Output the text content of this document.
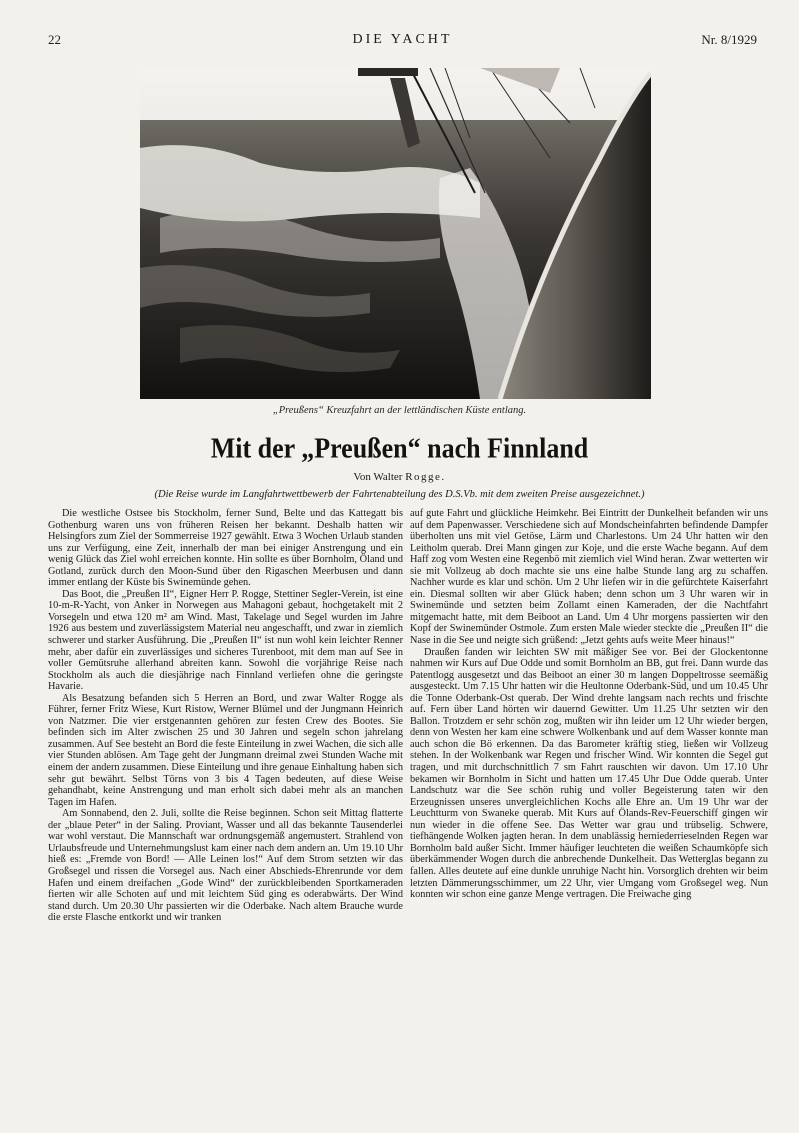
22	DIE YACHT	Nr. 8/1929
„Preußens“ Kreuzfahrt an der lettländischen Küste entlang.
Mit der „Preußen“ nach Finnland
Von Walter Rogge.
(Die Reise wurde im Langfahrtwettbewerb der Fahrtenabteilung des D.S.Vb. mit dem zweiten Preise ausgezeichnet.)

Die westliche Ostsee bis Stockholm, ferner Sund, Belte und das Kattegatt bis Gothenburg waren uns von früheren Reisen her bekannt. Deshalb hatten wir Helsingfors zum Ziel der Sommerreise 1927 gewählt. Etwa 3 Wochen Urlaub standen uns zur Verfügung, eine Zeit, innerhalb der man bei einiger Anstrengung und ein wenig Glück das Ziel wohl erreichen konnte. Hin sollte es über Bornholm, Öland und Gotland, zurück durch den Moon-Sund über den Rigaschen Meerbusen und dann immer entlang der Küste bis Swinemünde gehen.

Das Boot, die „Preußen II“, Eigner Herr P. Rogge, Stettiner Segler-Verein, ist eine 10-m-R-Yacht, von Anker in Norwegen aus Mahagoni gebaut, hochgetakelt mit 2 Vorsegeln und etwa 120 m² am Wind. Mast, Takelage und Segel wurden im Jahre 1926 aus bestem und zuverlässigstem Material neu angeschafft, und zwar in ziemlich schwerer und starker Ausführung. Die „Preußen II“ ist nun wohl kein leichter Renner mehr, aber dafür ein zuverlässiges und sicheres Turenboot, mit dem man auf See in voller Gemütsruhe allerhand abreiten kann. Sowohl die vorjährige Reise nach Stockholm als auch die diesjährige nach Finnland verliefen ohne die geringste Havarie.

Als Besatzung befanden sich 5 Herren an Bord, und zwar Walter Rogge als Führer, ferner Fritz Wiese, Kurt Ristow, Werner Blümel und der Jungmann Heinrich von Natzmer. Die vier erstgenannten gehören zur festen Crew des Bootes. Sie befinden sich im Alter zwischen 25 und 30 Jahren und segeln schon jahrelang zusammen. Auf See besteht an Bord die feste Einteilung in zwei Wachen, die sich alle vier Stunden ablösen. Am Tage geht der Jungmann dreimal zwei Stunden Wache mit einem der andern zusammen. Diese Einteilung und ihre genaue Einhaltung haben sich sehr gut bewährt. Selbst Törns von 3 bis 4 Tagen bedeuten, auf diese Weise gehandhabt, keine Anstrengung und man erholt sich dabei mehr als an manchen Tagen im Hafen.

Am Sonnabend, den 2. Juli, sollte die Reise beginnen. Schon seit Mittag flatterte der „blaue Peter“ in der Saling. Proviant, Wasser und all das bekannte Tausenderlei war wohl verstaut. Die Mannschaft war ordnungsgemäß angemustert. Strahlend von Urlaubsfreude und Unternehmungslust kam einer nach dem andern an. Um 19.10 Uhr hieß es: „Fremde von Bord! — Alle Leinen los!“ Auf dem Strom setzten wir das Großsegel und rissen die Vorsegel aus. Nach einer Abschieds-Ehrenrunde vor dem Hafen und einem dreifachen „Gode Wind“ der zurückbleibenden Sportkameraden fierten wir alle Schoten auf und mit leichtem Süd ging es oderabwärts. Der Wind stand durch. Um 20.30 Uhr passierten wir die Oderbake. Nach altem Brauche wurde die erste Flasche entkorkt und wir tranken

auf gute Fahrt und glückliche Heimkehr. Bei Eintritt der Dunkelheit befanden wir uns auf dem Papenwasser. Verschiedene sich auf Mondscheinfahrten befindende Dampfer überholten uns mit viel Getöse, Lärm und Charlestons. Um 24 Uhr hatten wir den Leitholm querab. Drei Mann gingen zur Koje, und die erste Wache begann. Auf dem Haff zog vom Westen eine Regenbö mit ziemlich viel Wind heran. Zwar wetterten wir sie mit Vollzeug ab doch machte sie uns eine halbe Stunde lang arg zu schaffen. Nachher wurde es klar und schön. Um 2 Uhr liefen wir in die gefürchtete Kaiserfahrt ein. Diesmal sollten wir aber Glück haben; denn schon um 3 Uhr waren wir in Swinemünde und setzten beim Zollamt einen Kameraden, der die Nachtfahrt mitgemacht hatte, mit dem Beiboot an Land. Um 4 Uhr morgens passierten wir den Kopf der Swinemünder Ostmole. Zum ersten Male wieder steckte die „Preußen II“ die Nase in die See und neigte sich grüßend: „Jetzt gehts aufs weite Meer hinaus!“

Draußen fanden wir leichten SW mit mäßiger See vor. Bei der Glockentonne nahmen wir Kurs auf Due Odde und somit Bornholm an BB, gut frei. Dann wurde das Patentlogg ausgesetzt und das Beiboot an einer 30 m langen Doppeltrosse seemäßig ausgesteckt. Um 7.15 Uhr hatten wir die Heultonne Oderbank-Süd, und um 10.45 Uhr die Tonne Oderbank-Ost querab. Der Wind drehte langsam nach rechts und frischte auf. Fern über Land hörten wir dauernd Gewitter. Um 11.25 Uhr setzten wir den Ballon. Trotzdem er sehr schön zog, mußten wir ihn leider um 12 Uhr wieder bergen, denn von Westen her kam eine schwere Wolkenbank und auf dem Wasser konnte man auch schon die Bö erkennen. Da das Barometer kräftig stieg, ließen wir Vollzeug stehen. In der Wolkenbank war Regen und frischer Wind. Wir konnten die Segel gut tragen, und mit durchschnittlich 7 sm Fahrt rauschten wir davon. Um 17.10 Uhr bekamen wir Bornholm in Sicht und hatten um 17.45 Uhr Due Odde querab. Unter Landschutz war die See schön ruhig und voller Begeisterung taten wir den Erzeugnissen unseres unvergleichlichen Kochs alle Ehre an. Um 19 Uhr war der Leuchtturm von Swaneke querab. Mit Kurs auf Ölands-Rev-Feuerschiff gingen wir nun wieder in die offene See. Das Wetter war grau und trübselig. Schwere, tiefhängende Wolken jagten heran. In dem unablässig herniederrieselnden Regen war Bornholm bald außer Sicht. Immer häufiger leuchteten die weißen Schaumköpfe sich überkämmender Wogen durch die anbrechende Dunkelheit. Das Wetterglas begann zu fallen. Alles deutete auf eine dunkle unruhige Nacht hin. Vorsorglich drehten wir beim letzten Dämmerungsschimmer, um 22 Uhr, vier Umgang vom Großsegel weg. Nun konnten wir schon eine ganze Menge vertragen. Die Freiwache ging
